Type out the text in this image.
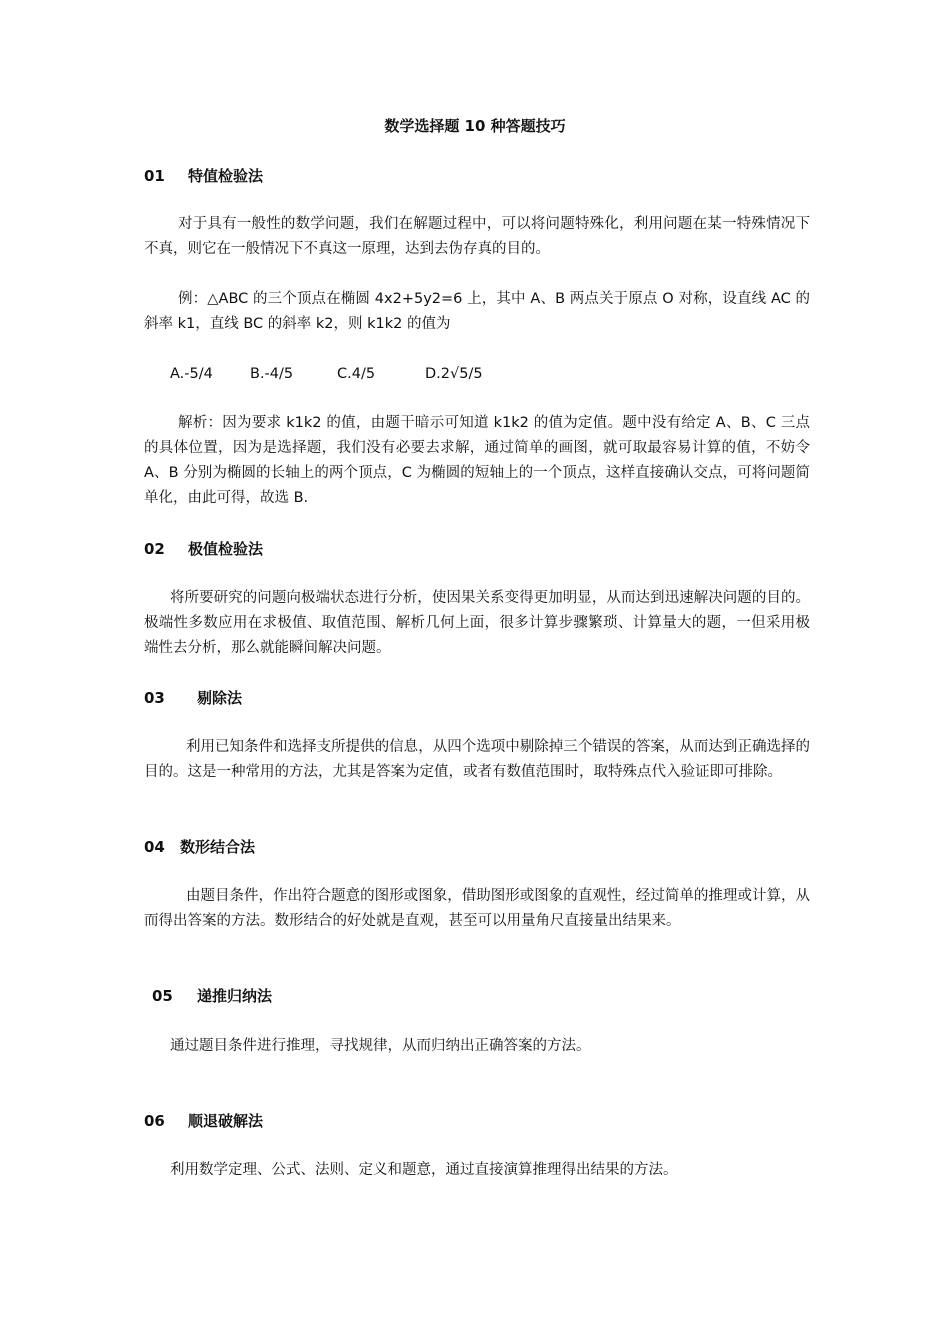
数学选择题 10 种答题技巧
01 特值检验法
对于具有一般性的数学问题，我们在解题过程中，可以将问题特殊化，利用问题在某一特殊情况下不真，则它在一般情况下不真这一原理，达到去伪存真的目的。
例：△ABC 的三个顶点在椭圆 4x2+5y2=6 上，其中 A、B 两点关于原点 O 对称，设直线 AC 的斜率 k1，直线 BC 的斜率 k2，则 k1k2 的值为
A.-5/4	B.-4/5	C.4/5	D.2√5/5
解析：因为要求 k1k2 的值，由题干暗示可知道 k1k2 的值为定值。题中没有给定 A、B、C 三点的具体位置，因为是选择题，我们没有必要去求解，通过简单的画图，就可取最容易计算的值，不妨令 A、B 分别为椭圆的长轴上的两个顶点，C 为椭圆的短轴上的一个顶点，这样直接确认交点，可将问题简单化，由此可得，故选 B.
02 极值检验法
将所要研究的问题向极端状态进行分析，使因果关系变得更加明显，从而达到迅速解决问题的目的。极端性多数应用在求极值、取值范围、解析几何上面，很多计算步骤繁琐、计算量大的题，一但采用极端性去分析，那么就能瞬间解决问题。
03 剔除法
利用已知条件和选择支所提供的信息，从四个选项中剔除掉三个错误的答案，从而达到正确选择的目的。这是一种常用的方法，尤其是答案为定值，或者有数值范围时，取特殊点代入验证即可排除。
04 数形结合法
由题目条件，作出符合题意的图形或图象，借助图形或图象的直观性，经过简单的推理或计算，从而得出答案的方法。数形结合的好处就是直观，甚至可以用量角尺直接量出结果来。
05 递推归纳法
通过题目条件进行推理，寻找规律，从而归纳出正确答案的方法。
06 顺退破解法
利用数学定理、公式、法则、定义和题意，通过直接演算推理得出结果的方法。
